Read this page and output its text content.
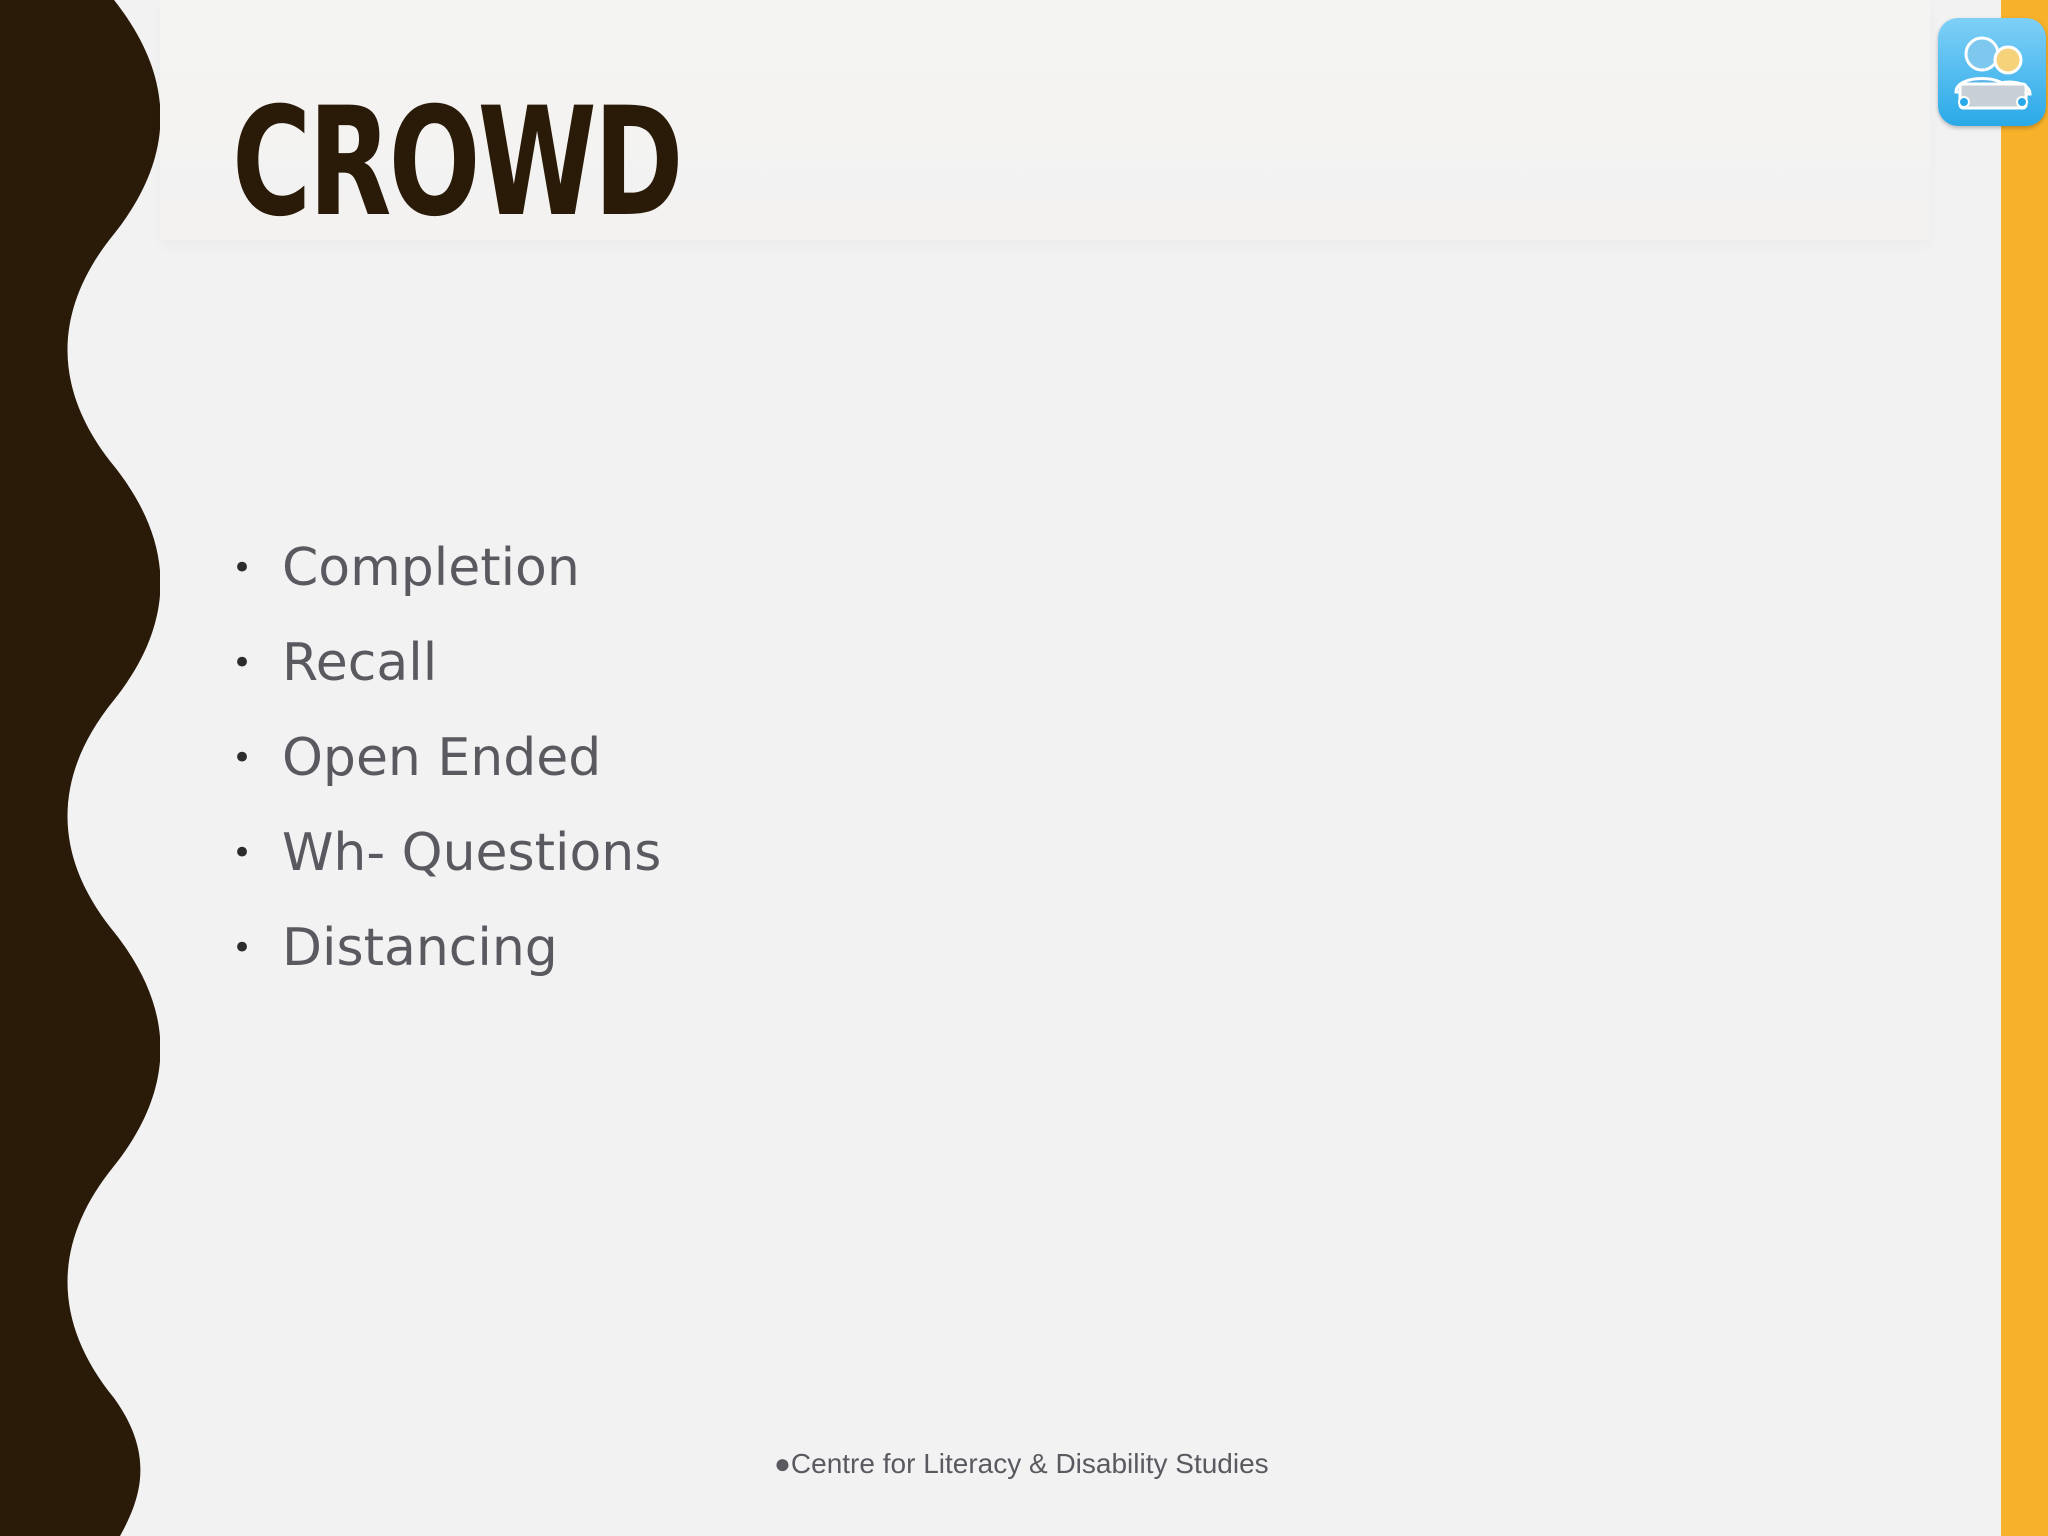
CROWD
• Completion
• Recall
• Open Ended
• Wh- Questions
• Distancing
●Centre for Literacy & Disability Studies
